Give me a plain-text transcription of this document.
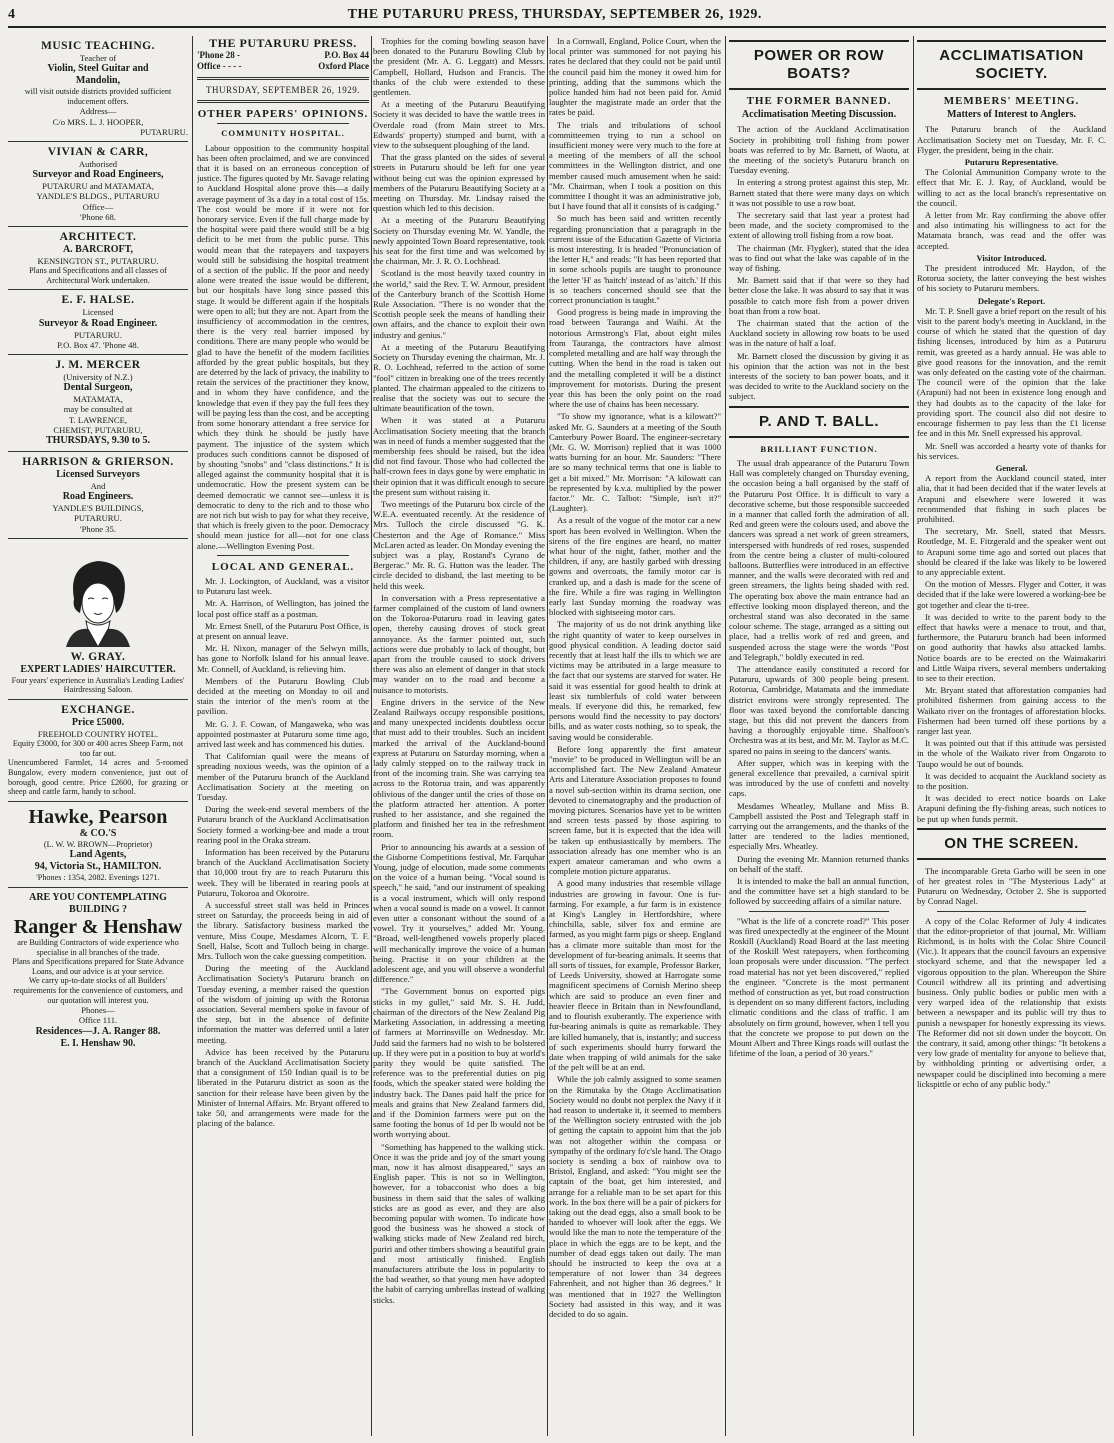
4	THE PUTARURU PRESS, THURSDAY, SEPTEMBER 26, 1929.

MUSIC TEACHING.

Teacher of

Violin, Steel Guitar and

Mandolin,

will visit outside districts provided sufficient inducement offers.

Address—

C/o MRS. L. J. HOOPER,

PUTARURU.

VIVIAN & CARR,

Authorised

Surveyor and Road Engineers,

PUTARURU and MATAMATA,

YANDLE'S BLDGS., PUTARURU

Office—

'Phone 68.

ARCHITECT.

A. BARCROFT,

KENSINGTON ST., PUTARURU.

Plans and Specifications and all classes of Architectural Work undertaken.

E. F. HALSE.

Licensed

Surveyor & Road Engineer.

PUTARURU.

P.O. Box 47. 'Phone 48.

J. M. MERCER

(University of N.Z.)

Dental Surgeon,

MATAMATA,

may be consulted at

T. LAWRENCE,

CHEMIST, PUTARURU,

THURSDAYS, 9.30 to 5.

HARRISON & GRIERSON.

Licensed Surveyors

And

Road Engineers.

YANDLE'S BUILDINGS,

PUTARURU.

'Phone 35.

W. GRAY.

EXPERT LADIES' HAIRCUTTER.

Four years' experience in Australia's Leading Ladies' Hairdressing Saloon.

EXCHANGE.

Price £5000.

FREEHOLD COUNTRY HOTEL.

Equity £3000, for 300 or 400 acres Sheep Farm, not too far out.

Unencumbered Farmlet, 14 acres and 5-roomed Bungalow, every modern convenience, just out of borough, good centre. Price £2600, for grazing or sheep and cattle farm, handy to school.

Hawke, Pearson

& CO.'S

(L. W. W. BROWN—Proprietor)

Land Agents,

94, Victoria St., HAMILTON.

'Phones : 1354, 2082. Evenings 1271.

ARE YOU CONTEMPLATING BUILDING ?

Ranger & Henshaw

are Building Contractors of wide experience who specialise in all branches of the trade.

Plans and Specifications prepared for State Advance Loans, and our advice is at your service.

We carry up-to-date stocks of all Builders' requirements for the convenience of customers, and our quotation will interest you.

Phones—

Office 111.

Residences—J. A. Ranger 88.

E. I. Henshaw 90.

THE PUTARURU PRESS.
'Phone 28 -	P.O. Box 44
Office - - - -	Oxford Place
THURSDAY, SEPTEMBER 26, 1929.
OTHER PAPERS' OPINIONS.
COMMUNITY HOSPITAL.

Labour opposition to the community hospital has been often proclaimed, and we are convinced that it is based on an erroneous conception of justice. The figures quoted by Mr. Savage relating to Auckland Hospital alone prove this—a daily average payment of 3s a day in a total cost of 15s. The cost would be more if it were not for honorary service. Even if the full charge made by the hospital were paid there would still be a big deficit to be met from the public purse. This would mean that the ratepayers and taxpayers would still be subsidising the hospital treatment of a section of the public. If the poor and needy alone were treated the issue would be different, but our hospitals have long since passed this stage. It would be different again if the hospitals were open to all; but they are not. Apart from the insufficiency of accommodation in the centres, there is the very real barrier imposed by conditions. There are many people who would be glad to have the benefit of the modern facilities afforded by the great public hospitals, but they are deterred by the lack of privacy, the inability to retain the services of the practitioner they know, and in whom they have confidence, and the knowledge that even if they pay the full fees they will be paying less than the cost, and be accepting from some honorary attendant a free service for which they think he should be justly have payment. The injustice of the system which produces such conditions cannot be disposed of by shouting "snobs" and "class distinctions." It is alleged against the community hospital that it is undemocratic. How the present system can be deemed democratic we cannot see—unless it is democratic to deny to the rich and to those who are not rich but wish to pay for what they receive, that which is freely given to the poor. Democracy should mean justice for all—not for one class alone.—Wellington Evening Post.

LOCAL AND GENERAL.

Mr. J. Lockington, of Auckland, was a visitor to Putaruru last week.

Mr. A. Harrison, of Wellington, has joined the local post office staff as a postman.

Mr. Ernest Snell, of the Putaruru Post Office, is at present on annual leave.

Mr. H. Nixon, manager of the Selwyn mills, has gone to Norfolk Island for his annual leave. Mr. Connell, of Auckland, is relieving him.

Members of the Putaruru Bowling Club decided at the meeting on Monday to oil and stain the interior of the men's room at the pavilion.

Mr. G. J. F. Cowan, of Mangaweka, who was appointed postmaster at Putaruru some time ago, arrived last week and has commenced his duties.

That Californian quail were the means of spreading noxious weeds, was the opinion of a member of the Putaruru branch of the Auckland Acclimatisation Society at the meeting on Tuesday.

During the week-end several members of the Putaruru branch of the Auckland Acclimatisation Society formed a working-bee and made a trout rearing pool in the Oraka stream.

Information has been received by the Putaruru branch of the Auckland Acclimatisation Society that 10,000 trout fry are to reach Putaruru this week. They will be liberated in rearing pools at Putaruru, Tokoroa and Okoroire.

A successful street stall was held in Princes street on Saturday, the proceeds being in aid of the library. Satisfactory business marked the venture, Miss Coupe, Mesdames Alcorn, T. F. Snell, Halse, Scott and Tulloch being in charge. Mrs. Tulloch won the cake guessing competition.

During the meeting of the Auckland Acclimatisation Society's Putaruru branch on Tuesday evening, a member raised the question of the wisdom of joining up with the Rotorua association. Several members spoke in favour of the step, but in the absence of definite information the matter was deferred until a later meeting.

Advice has been received by the Putaruru branch of the Auckland Acclimatisation Society that a consignment of 150 Indian quail is to be liberated in the Putaruru district as soon as the sanction for their release have been given by the Minister of Internal Affairs. Mr. Bryant offered to take 50, and arrangements were made for the placing of the balance.

Trophies for the coming bowling season have been donated to the Putaruru Bowling Club by the president (Mr. A. G. Leggatt) and Messrs. Campbell, Hollard, Hudson and Francis. The thanks of the club were extended to these gentlemen.

At a meeting of the Putaruru Beautifying Society it was decided to have the wattle trees in Overdale road (from Main street to Mrs. Edwards' property) stumped and burnt, with a view to the subsequent ploughing of the land.

That the grass planted on the sides of several streets in Putaruru should be left for one year without being cut was the opinion expressed by members of the Putaruru Beautifying Society at a meeting on Thursday. Mr. Lindsay raised the question which led to this decision.

At a meeting of the Putaruru Beautifying Society on Thursday evening Mr. W. Yandle, the newly appointed Town Board representative, took his seat for the first time and was welcomed by the chairman, Mr. J. R. O. Lochhead.

Scotland is the most heavily taxed country in the world," said the Rev. T. W. Armour, president of the Canterbury branch of the Scottish Home Rule Association. "There is no wonder that the Scottish people seek the means of handling their own affairs, and the chance to exploit their own industry and genius."

At a meeting of the Putaruru Beautifying Society on Thursday evening the chairman, Mr. J. R. O. Lochhead, referred to the action of some "fool" citizen in breaking one of the trees recently planted. The chairman appealed to the citizens to realise that the society was out to secure the ultimate beautification of the town.

When it was stated at a Putaruru Acclimatisation Society meeting that the branch was in need of funds a member suggested that the membership fees should be raised, but the idea did not find favour. Those who had collected the half-crown fees in days gone by were emphatic in their opinion that it was difficult enough to secure the present sum without raising it.

Two meetings of the Putaruru box circle of the W.E.A. eventuated recently. At the residence of Mrs. Tulloch the circle discussed "G. K. Chesterton and the Age of Romance." Miss McLaren acted as leader. On Monday evening the subject was a play, Rostand's Cyrano de Bergerac." Mr. R. G. Hutton was the leader. The circle decided to disband, the last meeting to be held this week.

In conversation with a Press representative a farmer complained of the custom of land owners on the Tokoroa-Putaruru road in leaving gates open, thereby causing droves of stock great annoyance. As the farmer pointed out, such actions were due probably to lack of thought, but apart from the trouble caused to stock drivers there was also an element of danger in that stock may wander on to the road and become a nuisance to motorists.

Engine drivers in the service of the New Zealand Railways occupy responsible positions, and many unexpected incidents doubtless occur that must add to their troubles. Such an incident marked the arrival of the Auckland-bound express at Putaruru on Saturday morning, when a lady calmly stepped on to the railway track in front of the incoming train. She was carrying tea across to the Rotorua train, and was apparently oblivious of the danger until the cries of those on the platform attracted her attention. A porter rushed to her assistance, and she regained the platform and finished her tea in the refreshment room.

Prior to announcing his awards at a session of the Gisborne Competitions festival, Mr. Farquhar Young, judge of elocution, made some comments on the voice of a human being. "Vocal sound is speech," he said, "and our instrument of speaking is a vocal instrument, which will only respond when a vocal sound is made on a vowel. It cannot even utter a consonant without the sound of a vowel. Try it yourselves," added Mr. Young. "Broad, well-lengthened vowels properly placed will mechanically improve the voice of a human being. Practise it on your children at the adolescent age, and you will observe a wonderful difference."

"The Government bonus on exported pigs sticks in my gullet," said Mr. S. H. Judd, chairman of the directors of the New Zealand Pig Marketing Association, in addressing a meeting of farmers at Morrinsville on Wednesday. Mr. Judd said the farmers had no wish to be bolstered up. If they were put in a position to buy at world's parity they would be quite satisfied. The reference was to the preferential duties on pig foods, which the speaker stated were holding the industry back. The Danes paid half the price for meals and grains that New Zealand farmers did, and if the Dominion farmers were put on the same footing the bonus of 1d per lb would not be worth worrying about.

"Something has happened to the walking stick. Once it was the pride and joy of the smart young man, now it has almost disappeared," says an English paper. This is not so in Wellington, however, for a tobacconist who does a big business in them said that the sales of walking sticks are as good as ever, and they are also becoming popular with women. To indicate how good the business was he showed a stock of walking sticks made of New Zealand red birch, puriri and other timbers showing a beautiful grain and most artistically finished. English manufacturers attribute the loss in popularity to the bad weather, so that young men have adopted the habit of carrying umbrellas instead of walking sticks.

In a Cornwall, England, Police Court, when the local printer was summoned for not paying his rates he declared that they could not be paid until the council paid him the money it owed him for printing, adding that the summons which the police handed him had not been paid for. Amid laughter the magistrate made an order that the rates be paid.

The trials and tribulations of school committeemen trying to run a school on insufficient money were very much to the fore at a meeting of the members of all the school committees in the Wellington district, and one member caused much amusement when he said: "Mr. Chairman, when I took a position on this committee I thought it was an administrative job, but I have found that all it consists of is cadging."

So much has been said and written recently regarding pronunciation that a paragraph in the current issue of the Education Gazette of Victoria is most interesting. It is headed "Pronunciation of the letter H," and reads: "It has been reported that in some schools pupils are taught to pronounce the letter 'H' as 'haitch' instead of as 'aitch.' If this is so teachers concerned should see that the correct pronunciation is taught."

Good progress is being made in improving the road between Tauranga and Waihi. At the notorious Armstrong's Flat, about eight miles from Tauranga, the contractors have almost completed metalling and are half way through the cutting. When the bend in the road is taken out and the metalling completed it will be a distinct improvement for motorists. During the present year this has been the only point on the road where the use of chains has been necessary.

"To show my ignorance, what is a kilowatt?" asked Mr. G. Saunders at a meeting of the South Canterbury Power Board. The engineer-secretary (Mr. G. W. Morrison) replied that it was 1000 watts burning for an hour. Mr. Saunders: "There are so many technical terms that one is liable to get a bit mixed." Mr. Morrison: "A kilowatt can be represented by k.v.a. multiplied by the power factor." Mr. C. Talbot: "Simple, isn't it?" (Laughter).

As a result of the vogue of the motor car a new sport has been evolved in Wellington. When the sirens of the fire engines are heard, no matter what hour of the night, father, mother and the children, if any, are hastily garbed with dressing gowns and overcoats, the family motor car is cranked up, and a dash is made for the scene of the fire. While a fire was raging in Wellington early last Sunday morning the roadway was blocked with sightseeing motor cars.

The majority of us do not drink anything like the right quantity of water to keep ourselves in good physical condition. A leading doctor said recently that at least half the ills to which we are victims may be attributed in a large measure to the fact that our systems are starved for water. He said it was essential for good health to drink at least six tumblerfuls of cold water between meals. If everyone did this, he remarked, few persons would find the necessity to pay doctors' bills, and as water costs nothing, so to speak, the saving would be considerable.

Before long apparently the first amateur "movie" to be produced in Wellington will be an accomplished fact. The New Zealand Amateur Arts and Literature Association proposes to found a novel sub-section within its drama section, one devoted to cinematography and the production of moving pictures. Scenarios have yet to be written and screen tests passed by those aspiring to screen fame, but it is expected that the idea will be taken up enthusiastically by members. The association already has one member who is an expert amateur cameraman and who owns a complete motion picture apparatus.

A good many industries that resemble village industries are growing in favour. One is fur-farming. For example, a fur farm is in existence at King's Langley in Hertfordshire, where chinchilla, sable, silver fox and ermine are farmed, as you might farm pigs or sheep. England has a climate more suitable than most for the development of fur-bearing animals. It seems that all sorts of tissues, for example, Professor Barker, of Leeds University, showed at Harrogate some magnificent specimens of Cornish Merino sheep which are said to produce an even finer and heavier fleece in Britain than in Newfoundland, and to flourish exuberantly. The experience with fur-bearing animals is quite as remarkable. They are killed humanely, that is, instantly; and success of such experiments should hurry forward the date when trapping of wild animals for the sake of the pelt will be at an end.

While the job calmly assigned to some seamen on the Rimutaka by the Otago Acclimatisation Society would no doubt not perplex the Navy if it had reason to undertake it, it seemed to members of the Wellington society entrusted with the job of getting the captain to appoint him that the job was not altogether within the compass or sympathy of the ordinary fo'c'sle hand. The Otago society is sending a box of rainbow ova to Bristol, England, and asked: "You might see the captain of the boat, get him interested, and arrange for a reliable man to be set apart for this work. In the box there will be a pair of pickers for taking out the dead eggs, also a small book to be handed to whoever will look after the eggs. We would like the man to note the temperature of the place in which the eggs are to be kept, and the number of dead eggs taken out daily. The man should be instructed to keep the ova at a temperature of not lower than 34 degrees Fahrenheit, and not higher than 36 degrees." It was mentioned that in 1927 the Wellington Society had assisted in this way, and it was decided to do so again.

POWER OR ROW BOATS?
THE FORMER BANNED.
Acclimatisation Meeting Discussion.

The action of the Auckland Acclimatisation Society in prohibiting troll fishing from power boats was referred to by Mr. Barnett, of Waotu, at the meeting of the society's Putaruru branch on Tuesday evening.

In entering a strong protest against this step, Mr. Barnett stated that there were many days on which it was not possible to use a row boat.

The secretary said that last year a protest had been made, and the society compromised to the extent of allowing troll fishing from a row boat.

The chairman (Mr. Flygker), stated that the idea was to find out what the lake was capable of in the way of fishing.

Mr. Barnett said that if that were so they had better close the lake. It was absurd to say that it was possible to catch more fish from a power driven boat than from a row boat.

The chairman stated that the action of the Auckland society in allowing row boats to be used was in the nature of half a loaf.

Mr. Barnett closed the discussion by giving it as his opinion that the action was not in the best interests of the society to ban power boats, and it was decided to write to the Auckland society on the subject.

P. AND T. BALL.
BRILLIANT FUNCTION.

The usual drab appearance of the Putaruru Town Hall was completely changed on Thursday evening, the occasion being a ball organised by the staff of the Putaruru Post Office. It is difficult to vary a decorative scheme, but those responsible succeeded in a manner that called forth the admiration of all. Red and green were the colours used, and above the dancers was spread a net work of green streamers, interspersed with hundreds of red roses, suspended from the centre being a cluster of multi-coloured balloons. Butterflies were introduced in an effective manner, and the walls were decorated with red and green streamers, the lights being shaded with red. The operating box above the main entrance had an effective looking moon displayed thereon, and the orchestral stand was also decorated in the same colour scheme. The stage, arranged as a sitting out place, had a trellis work of red and green, and suspended across the stage were the words "Post and Telegraph," boldly executed in red.

The attendance easily constituted a record for Putaruru, upwards of 300 people being present. Rotorua, Cambridge, Matamata and the immediate district environs were strongly represented. The floor was taxed beyond the comfortable dancing stage, but this did not prevent the dancers from having a thoroughly enjoyable time. Shalfoon's Orchestra was at its best, and Mr. M. Taylor as M.C. spared no pains in seeing to the dancers' wants.

After supper, which was in keeping with the general excellence that prevailed, a carnival spirit was introduced by the use of confetti and novelty caps.

Mesdames Wheatley, Mullane and Miss B. Campbell assisted the Post and Telegraph staff in carrying out the arrangements, and the thanks of the latter are tendered to the ladies mentioned, especially Mrs. Wheatley.

During the evening Mr. Mannion returned thanks on behalf of the staff.

It is intended to make the ball an annual function, and the committee have set a high standard to be followed by succeeding affairs of a similar nature.

"What is the life of a concrete road?" This poser was fired unexpectedly at the engineer of the Mount Roskill (Auckland) Road Board at the last meeting of the Roskill West ratepayers, when forthcoming loan proposals were under discussion. "The perfect road material has not yet been discovered," replied the engineer. "Concrete is the most permanent method of construction as yet, but road construction is dependent on so many different factors, including climatic conditions and the class of traffic. I am absolutely on firm ground, however, when I tell you that the concrete we propose to put down on the Mount Albert and Three Kings roads will outlast the lifetime of the loan, a period of 30 years."

ACCLIMATISATION SOCIETY.
MEMBERS' MEETING.
Matters of Interest to Anglers.

The Putaruru branch of the Auckland Acclimatisation Society met on Tuesday, Mr. F. C. Flyger, the president, being in the chair.

Putaruru Representative.

The Colonial Ammunition Company wrote to the effect that Mr. E. J. Ray, of Auckland, would be willing to act as the local branch's representative on the council.

A letter from Mr. Ray confirming the above offer and also intimating his willingness to act for the Matamata branch, was read and the offer was accepted.

Visitor Introduced.

The president introduced Mr. Haydon, of the Rotorua society, the latter conveying the best wishes of his society to Putaruru members.

Delegate's Report.

Mr. T. P. Snell gave a brief report on the result of his visit to the parent body's meeting in Auckland, in the course of which he stated that the question of day fishing licenses, introduced by him as a Putaruru remit, was greeted as a hardy annual. He was able to give good reasons for the innovation, and the remit was only defeated on the casting vote of the chairman. The council were of the opinion that the lake (Arapuni) had not been in existence long enough and they had doubts as to the capacity of the lake for providing sport. The council also did not desire to encourage fishermen to pay less than the £1 license fee and in this Mr. Snell expressed his approval.

Mr. Snell was accorded a hearty vote of thanks for his services.

General.

A report from the Auckland council stated, inter alia, that it had been decided that if the water levels at Arapuni and elsewhere were lowered it was recommended that fishing in such places be prohibited.

The secretary, Mr. Snell, stated that Messrs. Routledge, M. E. Fitzgerald and the speaker went out to Arapuni some time ago and sorted out places that should be cleared if the lake was likely to be lowered to any appreciable extent.

On the motion of Messrs. Flyger and Cotter, it was decided that if the lake were lowered a working-bee be got together and clear the ti-tree.

It was decided to write to the parent body to the effect that hawks were a menace to trout, and that, furthermore, the Putaruru branch had been informed on good authority that hawks also attacked lambs. Notice boards are to be erected on the Waimakariri and Little Waipa rivers, several members undertaking to see to their erection.

Mr. Bryant stated that afforestation companies had prohibited fishermen from gaining access to the Waikato river on the frontages of afforestation blocks. Fishermen had been turned off these portions by a ranger last year.

It was pointed out that if this attitude was persisted in the whole of the Waikato river from Ongaroto to Taupo would be out of bounds.

It was decided to acquaint the Auckland society as to the position.

It was decided to erect notice boards on Lake Arapuni defining the fly-fishing areas, such notices to be put up when funds permit.

ON THE SCREEN.

The incomparable Greta Garbo will be seen in one of her greatest roles in "The Mysterious Lady" at Putaruru on Wednesday, October 2. She is supported by Conrad Nagel.

A copy of the Colac Reformer of July 4 indicates that the editor-proprietor of that journal, Mr. William Richmond, is in holts with the Colac Shire Council (Vic.). It appears that the council favours an expensive stockyard scheme, and that the newspaper led a vigorous opposition to the plan. Whereupon the Shire Council withdrew all its printing and advertising business. Only public bodies or public men with a very warped idea of the relationship that exists between a newspaper and its public will try thus to punish a newspaper for honestly expressing its views. The Reformer did not sit down under the boycott. On the contrary, it said, among other things: "It betokens a very low grade of mentality for anyone to believe that, by withholding printing or advertising order, a newspaper could be disciplined into becoming a mere lickspittle or echo of any public body."
